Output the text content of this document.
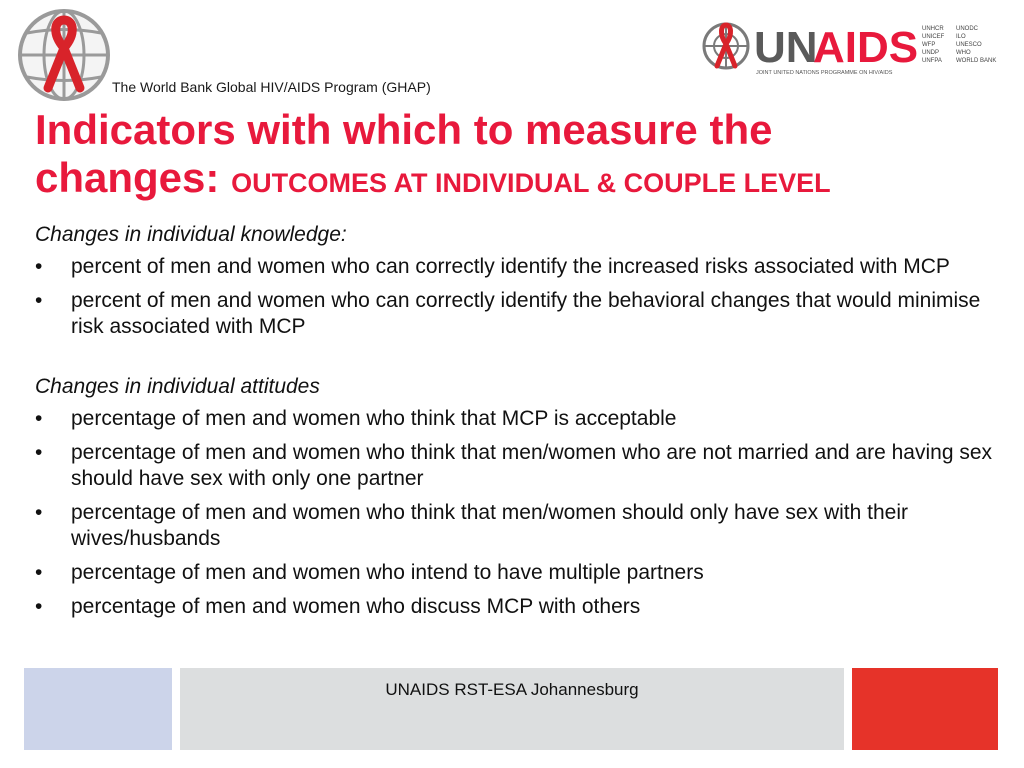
The World Bank Global HIV/AIDS Program (GHAP)
UN
AIDS
JOINT UNITED NATIONS PROGRAMME ON HIV/AIDS
UNHCR
UNICEF
WFP
UNDP
UNFPA
UNODC
ILO
UNESCO
WHO
WORLD BANK
Indicators with which to measure the
changes: OUTCOMES AT INDIVIDUAL & COUPLE LEVEL
Changes in individual knowledge:
• percent of men and women who can correctly identify the increased risks associated with MCP
• percent of men and women who can correctly identify the behavioral changes that would minimise risk associated with MCP
Changes in individual attitudes
• percentage of men and women who think that MCP is acceptable
• percentage of men and women who think that men/women who are not married and are having sex should have sex with only one partner
• percentage of men and women who think that men/women should only have sex with their wives/husbands
• percentage of men and women who intend to have multiple partners
• percentage of men and women who discuss MCP with others
UNAIDS RST-ESA Johannesburg
